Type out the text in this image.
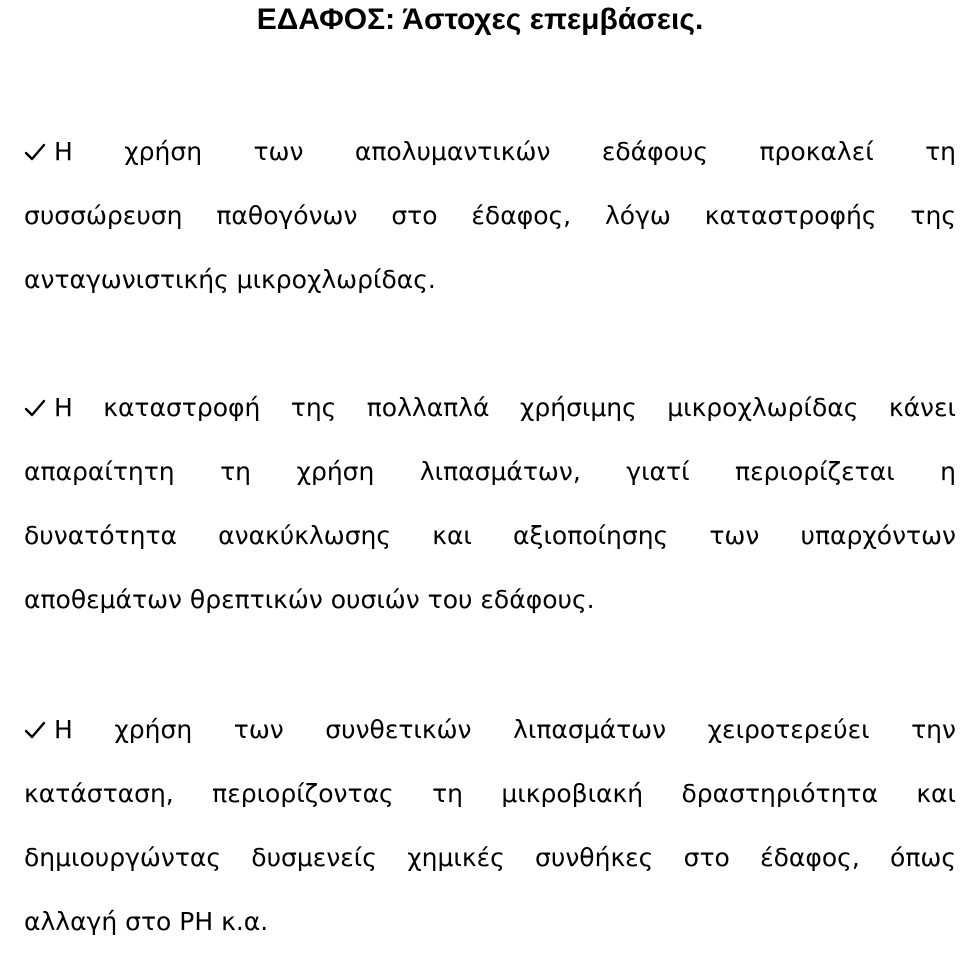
ΕΔΑΦΟΣ: Άστοχες επεμβάσεις.
Η χρήση των απολυμαντικών εδάφους προκαλεί τη
συσσώρευση παθογόνων στο έδαφος, λόγω καταστροφής της
ανταγωνιστικής μικροχλωρίδας.
Η καταστροφή της πολλαπλά χρήσιμης μικροχλωρίδας κάνει
απαραίτητη τη χρήση λιπασμάτων, γιατί περιορίζεται η
δυνατότητα ανακύκλωσης και αξιοποίησης των υπαρχόντων
αποθεμάτων θρεπτικών ουσιών του εδάφους.
Η χρήση των συνθετικών λιπασμάτων χειροτερεύει την
κατάσταση, περιορίζοντας τη μικροβιακή δραστηριότητα και
δημιουργώντας δυσμενείς χημικές συνθήκες στο έδαφος, όπως
αλλαγή στο PH κ.α.
